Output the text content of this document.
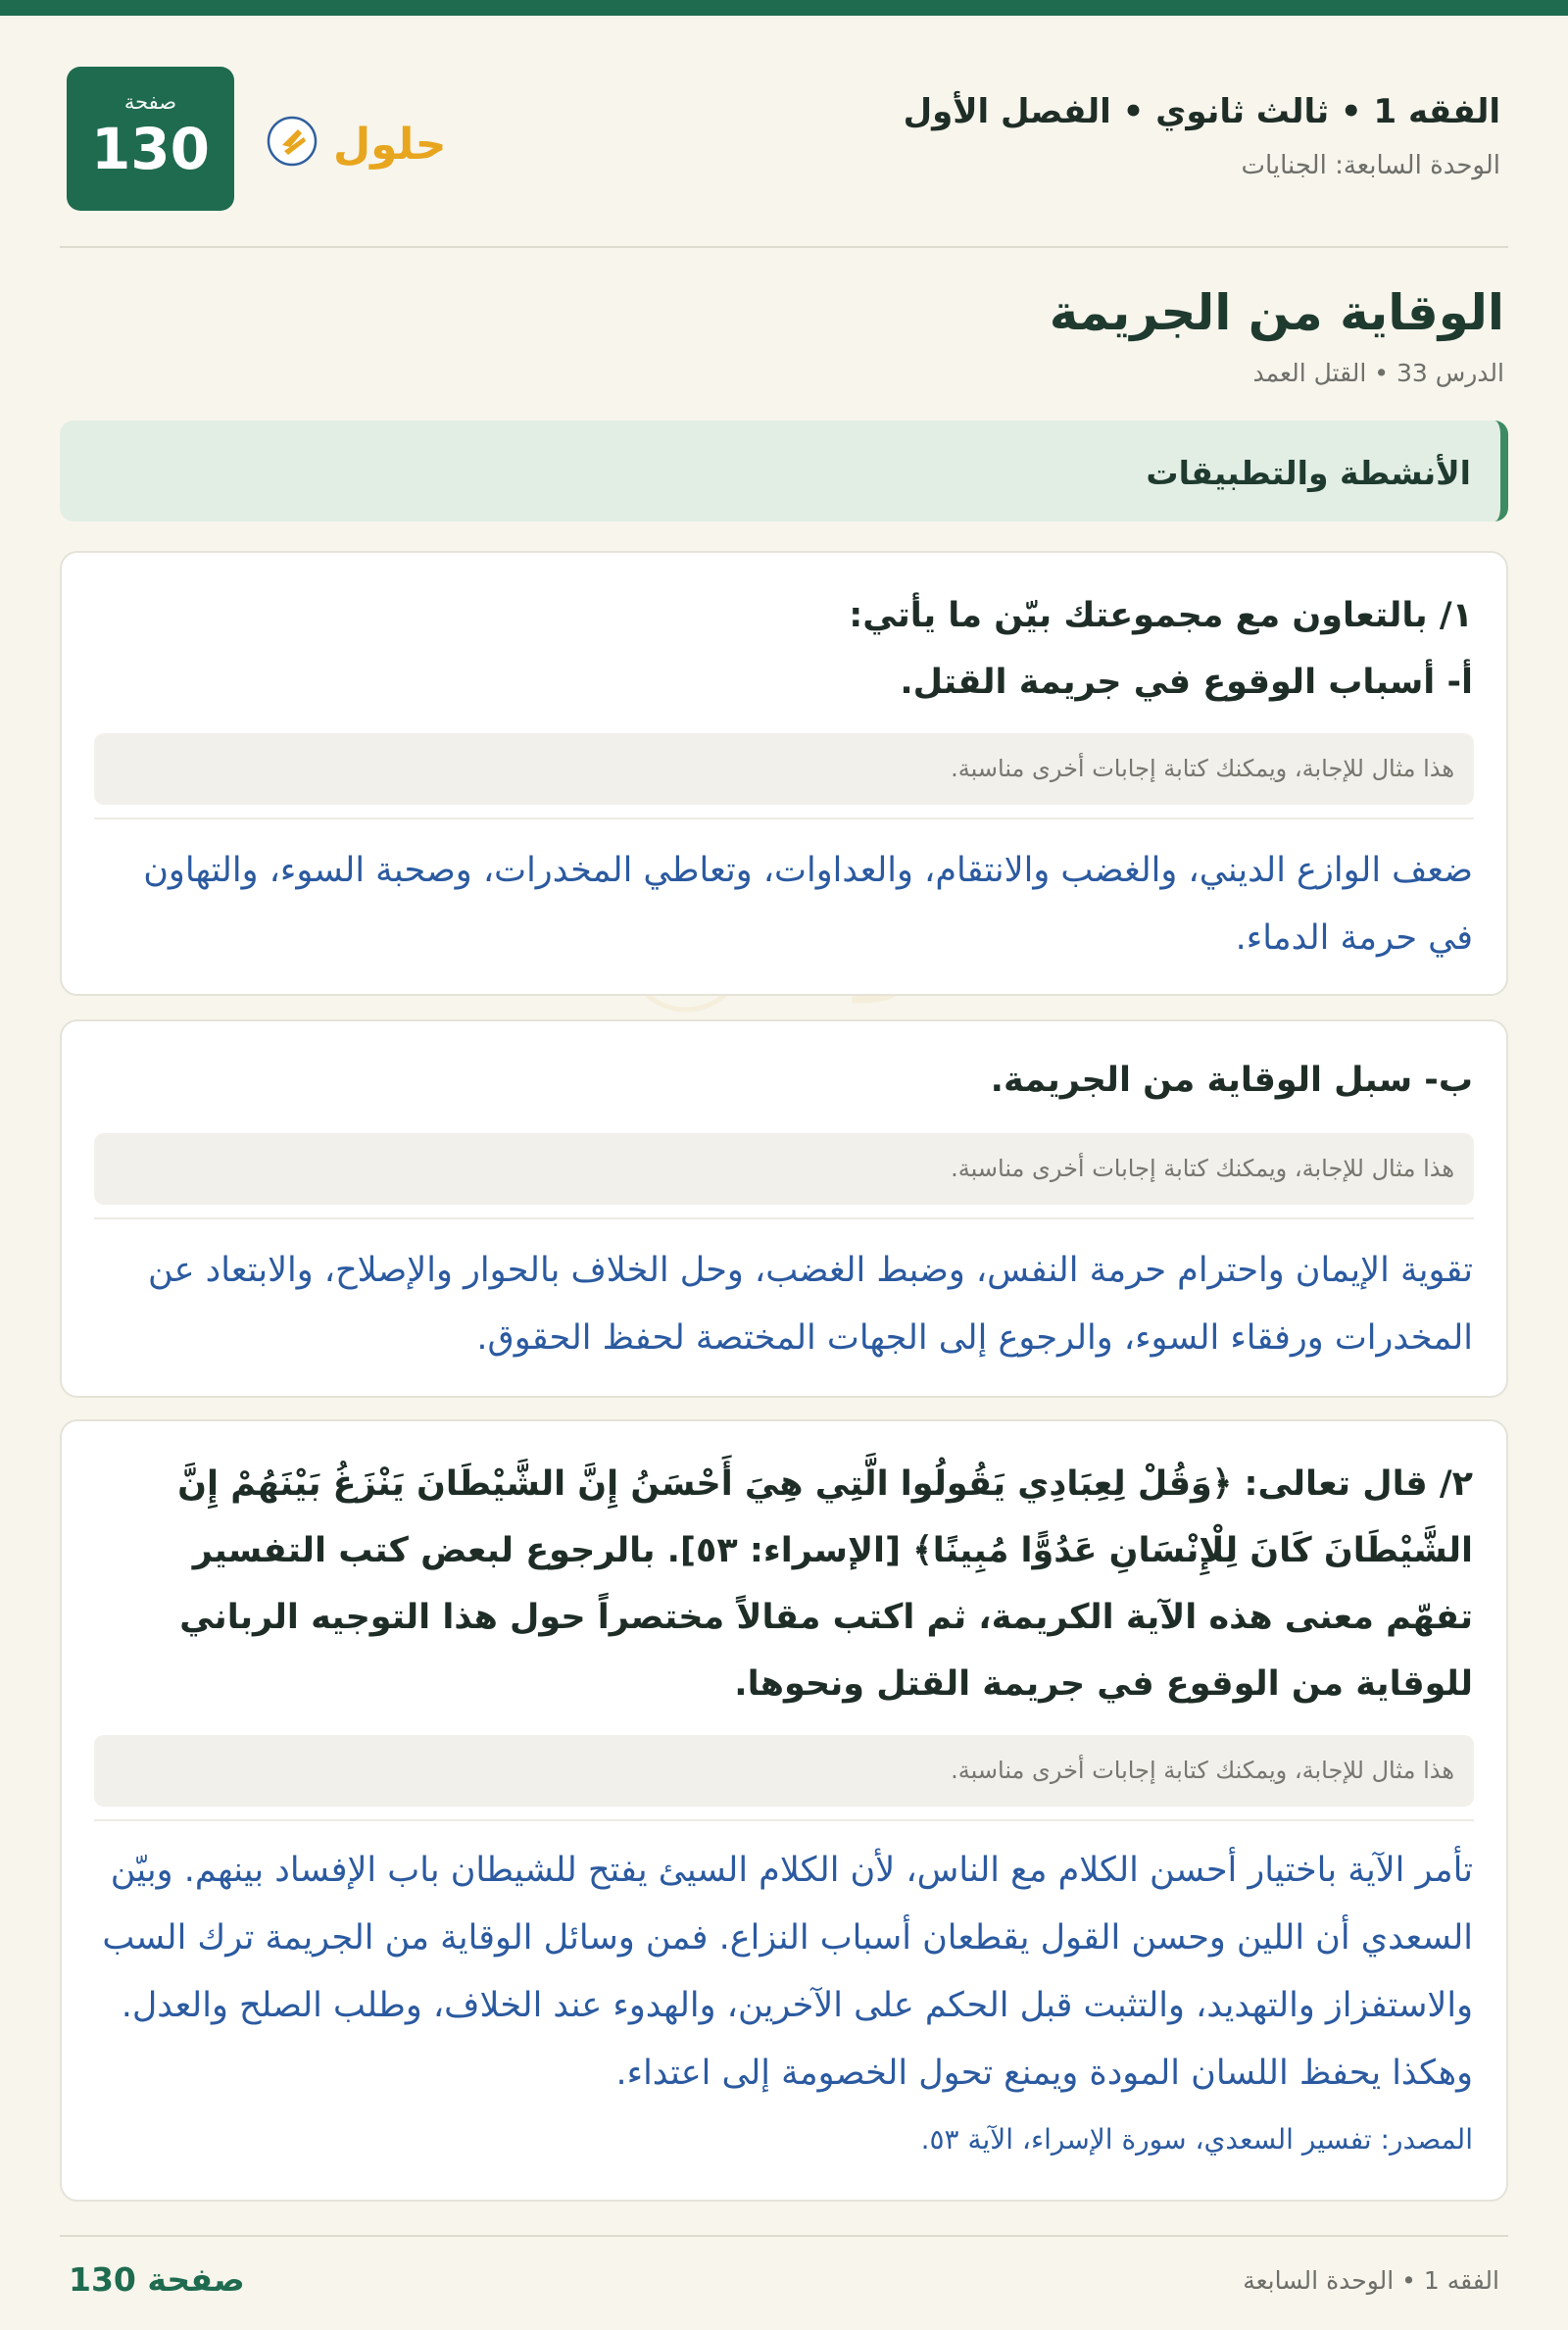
الفقه 1 • ثالث ثانوي • الفصل الأول
الوحدة السابعة: الجنايات
حلول
صفحة
130
الوقاية من الجريمة
الدرس 33 • القتل العمد
الأنشطة والتطبيقات
١/ بالتعاون مع مجموعتك بيّن ما يأتي:
أ- أسباب الوقوع في جريمة القتل.
هذا مثال للإجابة، ويمكنك كتابة إجابات أخرى مناسبة.
ضعف الوازع الديني، والغضب والانتقام، والعداوات، وتعاطي المخدرات، وصحبة السوء، والتهاون في حرمة الدماء.
ب- سبل الوقاية من الجريمة.
هذا مثال للإجابة، ويمكنك كتابة إجابات أخرى مناسبة.
تقوية الإيمان واحترام حرمة النفس، وضبط الغضب، وحل الخلاف بالحوار والإصلاح، والابتعاد عن المخدرات ورفقاء السوء، والرجوع إلى الجهات المختصة لحفظ الحقوق.
٢/ قال تعالى: ﴿وَقُلْ لِعِبَادِي يَقُولُوا الَّتِي هِيَ أَحْسَنُ إِنَّ الشَّيْطَانَ يَنْزَغُ بَيْنَهُمْ إِنَّ الشَّيْطَانَ كَانَ لِلْإِنْسَانِ عَدُوًّا مُبِينًا﴾ [الإسراء: ٥٣]. بالرجوع لبعض كتب التفسير تفهّم معنى هذه الآية الكريمة، ثم اكتب مقالاً مختصراً حول هذا التوجيه الرباني للوقاية من الوقوع في جريمة القتل ونحوها.
هذا مثال للإجابة، ويمكنك كتابة إجابات أخرى مناسبة.
تأمر الآية باختيار أحسن الكلام مع الناس، لأن الكلام السيئ يفتح للشيطان باب الإفساد بينهم. وبيّن السعدي أن اللين وحسن القول يقطعان أسباب النزاع. فمن وسائل الوقاية من الجريمة ترك السب والاستفزاز والتهديد، والتثبت قبل الحكم على الآخرين، والهدوء عند الخلاف، وطلب الصلح والعدل. وهكذا يحفظ اللسان المودة ويمنع تحول الخصومة إلى اعتداء.
المصدر: تفسير السعدي، سورة الإسراء، الآية ٥٣.
صفحة 130	الفقه 1 • الوحدة السابعة
